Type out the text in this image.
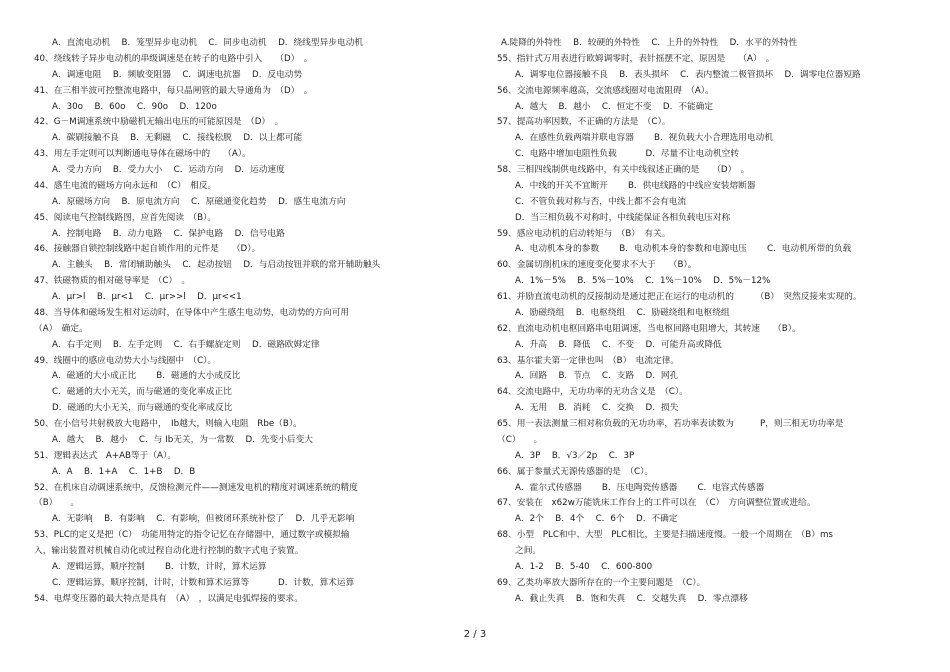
A．直流电动机　 B．笼型异步电动机　 C．同步电动机　 D．绕线型异步电动机
40、绕线转子异步电动机的串级调速是在转子的电路中引入　　（D）　。
A．调速电阻　 B．频敏变阻器　 C．调速电抗器　 D．反电动势
41、在三相半波可控整流电路中，每只晶闸管的最大导通角为　（D）　。
A．30o　 B．60o　 C．90o　 D．120o
42、G－M调速系统中励磁机无输出电压的可能原因是　（D）　。
A．碳刷接触不良　 B．无剩磁　 C．接线松脱　 D．以上都可能
43、用左手定则可以判断通电导体在磁场中的　　（A）。
A．受力方向　 B．受力大小　 C．运动方向　 D．运动速度
44、感生电流的磁场方向永远和　（C）　相反。
A．原磁场方向　 B．原电流方向　 C．原磁通变化趋势　 D．感生电流方向
45、阅读电气控制线路图，应首先阅读　（B）。
A．控制电路　 B．动力电路　 C．保护电路　 D．信号电路
46、接触器自锁控制线路中起自锁作用的元件是　　（D）。
A．主触头　 B．常闭辅助触头　 C．起动按钮　 D．与启动按钮并联的常开辅助触头
47、铁磁物质的相对磁导率是　（C）　。
A．μr>l　 B．μr<1　 C．μr>>l　 D．μr<<1
48、当导体和磁场发生相对运动时，在导体中产生感生电动势，电动势的方向可用
（A）　确定。
A．右手定则　 B．左手定则　 C．右手螺旋定则　 D．磁路欧姆定律
49、线圈中的感应电动势大小与线圈中　（C）。
A．磁通的大小成正比　　 B．磁通的大小成反比
C．磁通的大小无关，而与磁通的变化率成正比
D．磁通的大小无关，而与磁通的变化率成反比
50、在小信号共射极放大电路中，　Ib越大，则输入电阻　Rbe（B）。
A．越大　 B．越小　 C．与 Ib无关，为一常数　 D．先变小后变大
51、逻辑表达式　A+AB等于（A）。
A．A　 B．1+A　 C．1+B　 D．B
52、在机床自动调速系统中，反馈检测元件——测速发电机的精度对调速系统的精度
（B）　　。
A．无影响　 B．有影响　 C．有影响，但被闭环系统补偿了　 D．几乎无影响
53、PLC的定义是把（C）　功能用特定的指令记忆在存储器中，通过数字或模拟输
入，输出装置对机械自动化或过程自动化进行控制的数字式电子装置。
A．逻辑运算，顺序控制　　 B．计数，计时，算术运算
C．逻辑运算，顺序控制，计时，计数和算术运算等　　　 D．计数，算术运算
54、电焊变压器的最大特点是具有　（A）　，以满足电弧焊接的要求。
A.陡降的外特性　 B．较硬的外特性　 C．上升的外特性　 D．水平的外特性
55、指针式万用表进行欧姆调零时，表针摇摆不定，原因是　　（A）　。
A．调零电位器接触不良　 B．表头损坏　 C．表内整流二极管损坏　 D．调零电位器短路
56、交流电源频率越高，交流感线圈对电流阻碍　（A）。
A．越大　 B．越小　 C．恒定不变　 D．不能确定
57、提高功率因数，不正确的方法是　（C）。
A．在感性负载两端并联电容器　　 B．视负载大小合理选用电动机
C．电路中增加电阻性负载　　　 D．尽量不让电动机空转
58、三相四线制供电线路中，有关中线叙述正确的是　　（D）　。
A．中线的开关不宜断开　　 B．供电线路的中线应安装熔断器
C．不管负载对称与否，中线上都不会有电流
D．当三相负载不对称时，中线能保证各相负载电压对称
59、感应电动机的启动转矩与　（B）　有关。
A．电动机本身的参数　　 B．电动机本身的参数和电源电压　　 C．电动机所带的负载
60、金属切削机床的速度变化要求不大于　　（B）。
A．1%－5%　 B．5%－10%　 C．1%－10%　 D．5%－12%
61、并励直流电动机的反接制动是通过把正在运行的电动机的　　　（B）　突然反接来实现的。
A．励磁绕组　 B．电枢绕组　 C．励磁绕组和电枢绕组
62、直流电动机电枢回路串电阻调速，当电枢回路电阻增大，其转速　　（B）。
A．升高　 B．降低　 C．不变　 D．可能升高或降低
63、基尔霍夫第一定律也叫　（B）　电流定律。
A．回路　 B．节点　 C．支路　 D．网孔
64、交流电路中，无功功率的无功含义是　（C）。
A．无用　 B．消耗　 C．交换　 D．损失
65、用一表法测量三相对称负载的无功功率，若功率表读数为　　　P，则三相无功功率是
（C）　　。
A．3P　 B．√3／2p　 C．3P
66、属于参量式无源传感器的是　（C）。
A．霍尔式传感器　　 B．压电陶瓷传感器　　 C．电容式传感器
67、安装在　x62w万能铣床工作台上的工件可以在　（C）　方向调整位置或进给。
A．2个　 B．4个　 C．6个　 D．不确定
68、小型　PLC和中、大型　PLC相比，主要是扫描速度慢。一般一个周期在　（B）ms
之间。
A．1-2　 B．5-40　 C．600-800
69、乙类功率放大器所存在的一个主要问题是　（C）。
A．截止失真　 B．饱和失真　 C．交越失真　 D．零点漂移
2 / 3
